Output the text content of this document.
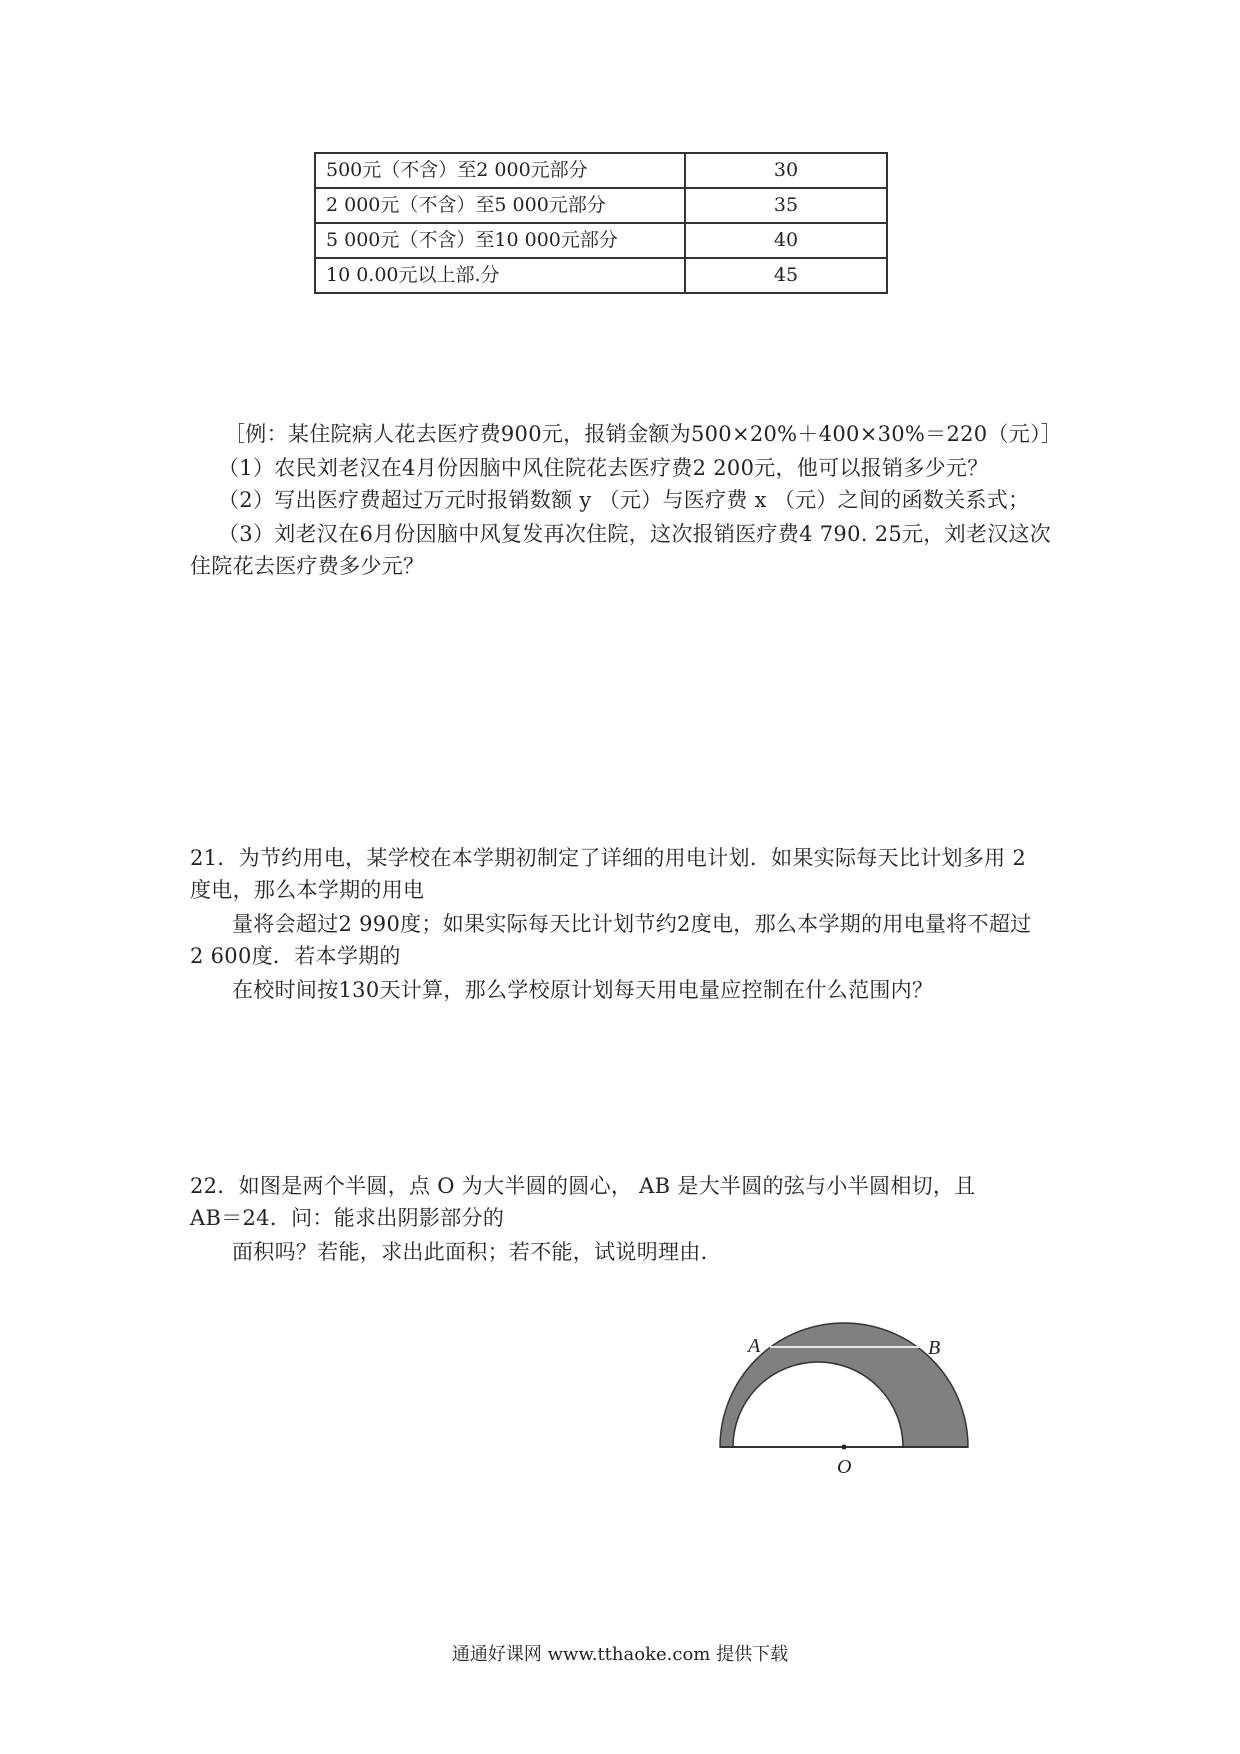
500元（不含）至2 000元部分	30
2 000元（不含）至5 000元部分	35
5 000元（不含）至10 000元部分	40
10 0.00元以上部.分	45
［例：某住院病人花去医疗费900元，报销金额为500×20%＋400×30%＝220（元）］
（1）农民刘老汉在4月份因脑中风住院花去医疗费2 200元，他可以报销多少元？
（2）写出医疗费超过万元时报销数额 y （元）与医疗费 x （元）之间的函数关系式；
（3）刘老汉在6月份因脑中风复发再次住院，这次报销医疗费4 790. 25元，刘老汉这次
住院花去医疗费多少元？
21．为节约用电，某学校在本学期初制定了详细的用电计划．如果实际每天比计划多用 2
度电，那么本学期的用电
量将会超过2 990度；如果实际每天比计划节约2度电，那么本学期的用电量将不超过
2 600度．若本学期的
在校时间按130天计算，那么学校原计划每天用电量应控制在什么范围内？
22．如图是两个半圆，点 O 为大半圆的圆心， AB 是大半圆的弦与小半圆相切，且
AB＝24．问：能求出阴影部分的
面积吗？若能，求出此面积；若不能，试说明理由．
A	B
O
通通好课网 www.tthaoke.com 提供下载
